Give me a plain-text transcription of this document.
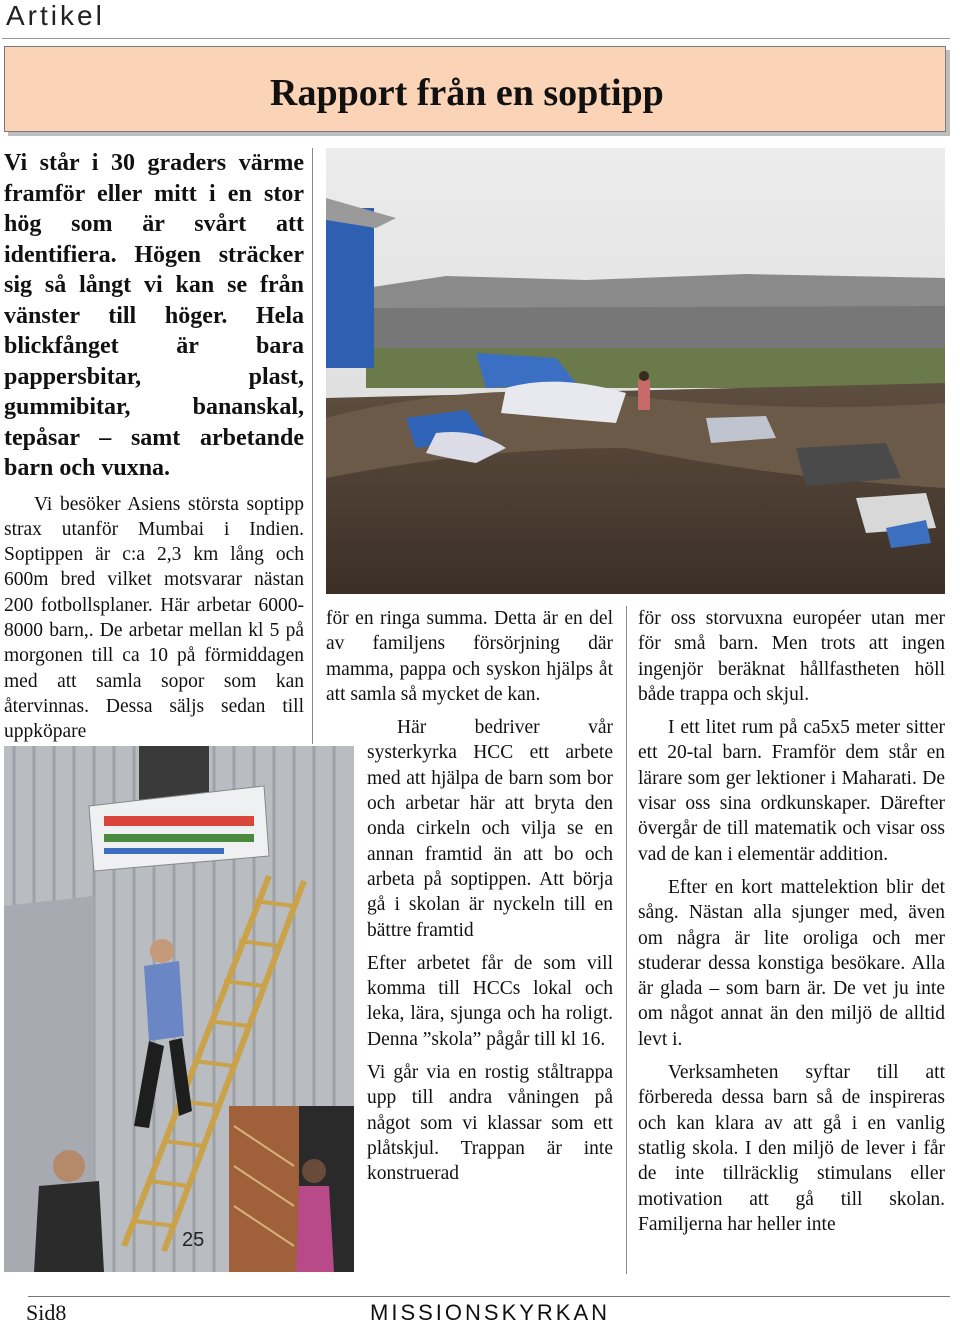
Artikel
Rapport från en soptipp

Vi står i 30 graders värme framför eller mitt i en stor hög som är svårt att identifiera. Högen sträcker sig så långt vi kan se från vänster till höger. Hela blickfånget är bara pappersbitar, plast, gummibitar, bananskal, tepåsar – samt arbetande barn och vuxna.

Vi besöker Asiens största soptipp strax utanför Mumbai i Indien. Soptippen är c:a 2,3 km lång och 600m bred vilket motsvarar nästan 200 fotbollsplaner. Här arbetar 6000-8000 barn,. De arbetar mellan kl 5 på morgonen till ca 10 på förmiddagen med att samla sopor som kan återvinnas. Dessa säljs sedan till uppköpare

för en ringa summa. Detta är en del av familjens försörjning där mamma, pappa och syskon hjälps åt att samla så mycket de kan.

Här bedriver vår systerkyrka HCC ett arbete med att hjälpa de barn som bor och arbetar här att bryta den onda cirkeln och vilja se en annan framtid än att bo och arbeta på soptippen. Att börja gå i skolan är nyckeln till en bättre framtid

Efter arbetet får de som vill komma till HCCs lokal och leka, lära, sjunga och ha roligt. Denna ”skola” pågår till kl 16.

Vi går via en rostig ståltrappa upp till andra våningen på något som vi klassar som ett plåtskjul. Trappan är inte konstruerad

för oss storvuxna européer utan mer för små barn. Men trots att ingen ingenjör beräknat hållfastheten höll både trappa och skjul.

I ett litet rum på ca5x5 meter sitter ett 20-tal barn. Framför dem står en lärare som ger lektioner i Maharati. De visar oss sina ordkunskaper. Därefter övergår de till matematik och visar oss vad de kan i elementär addition.

Efter en kort mattelektion blir det sång. Nästan alla sjunger med, även om några är lite oroliga och mer studerar dessa konstiga besökare. Alla är glada – som barn är. De vet ju inte om något annat än den miljö de alltid levt i.

Verksamheten syftar till att förbereda dessa barn så de inspireras och kan klara av att gå i en vanlig statlig skola. I den miljö de lever i får de inte tillräcklig stimulans eller motivation att gå till skolan. Familjerna har heller inte

25
Sid8	MISSIONSKYRKAN
